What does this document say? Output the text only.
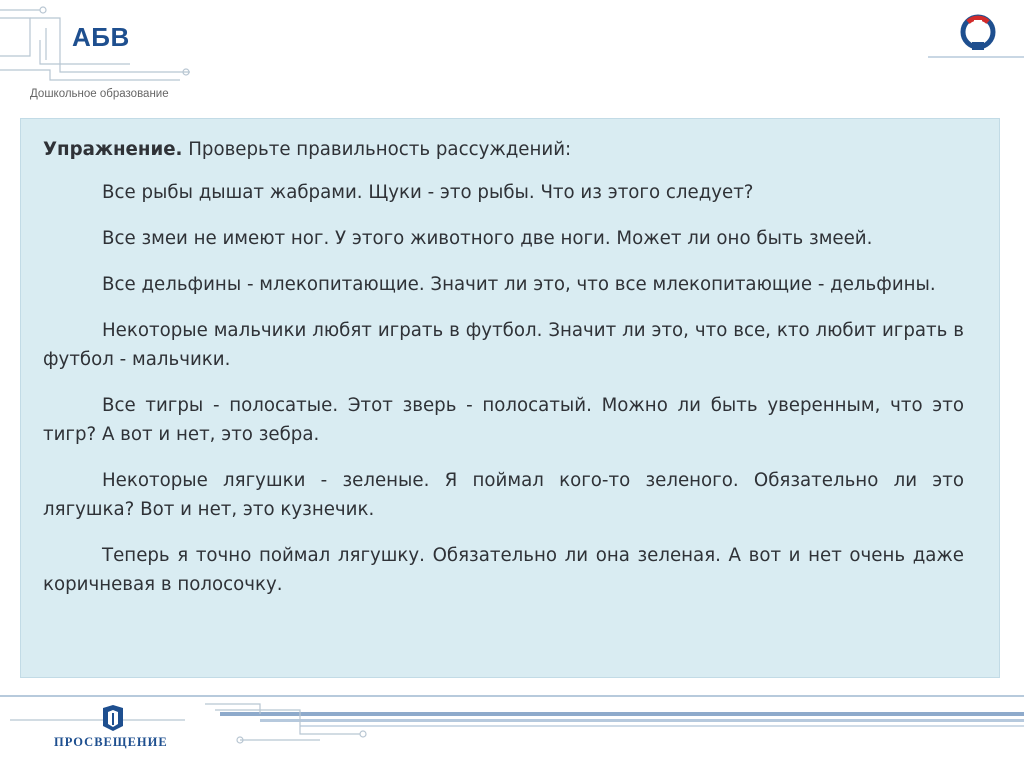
АБВ
Дошкольное образование

Упражнение. Проверьте правильность рассуждений:

Все рыбы дышат жабрами. Щуки - это рыбы. Что из этого следует?

Все змеи не имеют ног. У этого животного две ноги. Может ли оно быть змеей.

Все дельфины - млекопитающие. Значит ли это, что все млекопитающие - дельфины.

Некоторые мальчики любят играть в футбол. Значит ли это, что все, кто любит играть в футбол - мальчики.

Все тигры - полосатые. Этот зверь - полосатый. Можно ли быть уверенным, что это тигр? А вот и нет, это зебра.

Некоторые лягушки - зеленые. Я поймал кого-то зеленого. Обязательно ли это лягушка? Вот и нет, это кузнечик.

Теперь я точно поймал лягушку. Обязательно ли она зеленая. А вот и нет очень даже коричневая в полосочку.

ПРОСВЕЩЕНИЕ
